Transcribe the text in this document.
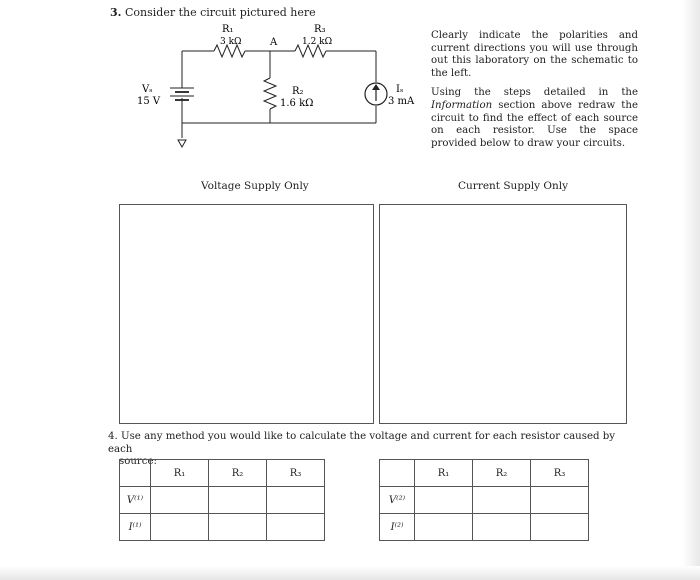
3. Consider the circuit pictured here
R₁
3 kΩ	A
R₃
1.2 kΩ
R₂
1.6 kΩ
Vₛ
15 V
Iₛ
3 mA

Clearly indicate the polarities and current directions you will use through out this laboratory on the schematic to the left.

Using the steps detailed in the Information section above redraw the circuit to find the effect of each source on each resistor. Use the space provided below to draw your circuits.

Voltage Supply Only	Current Supply Only
4. Use any method you would like to calculate the voltage and current for each resistor caused by each
source:
	R₁	R₂	R₃
V⁽¹⁾			
I⁽¹⁾			
	R₁	R₂	R₃
V⁽²⁾			
I⁽²⁾			
